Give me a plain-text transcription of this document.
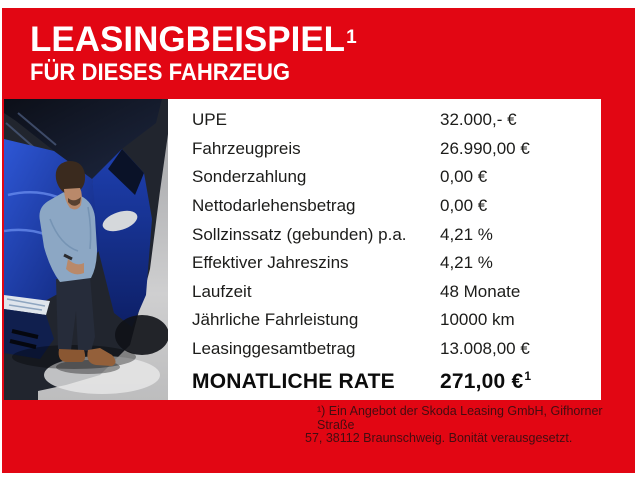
LEASINGBEISPIEL$^1$
FÜR DIESES FAHRZEUG
UPE	32.000,- €
Fahrzeugpreis	26.990,00 €
Sonderzahlung	0,00 €
Nettodarlehensbetrag	0,00 €
Sollzinssatz (gebunden) p.a.	4,21 %
Effektiver Jahreszins	4,21 %
Laufzeit	48 Monate
Jährliche Fahrleistung	10000 km
Leasinggesamtbetrag	13.008,00 €
MONATLICHE RATE	271,00 €$^1$
¹) Ein Angebot der Skoda Leasing GmbH, Gifhorner Straße
57, 38112 Braunschweig. Bonität verausgesetzt.
